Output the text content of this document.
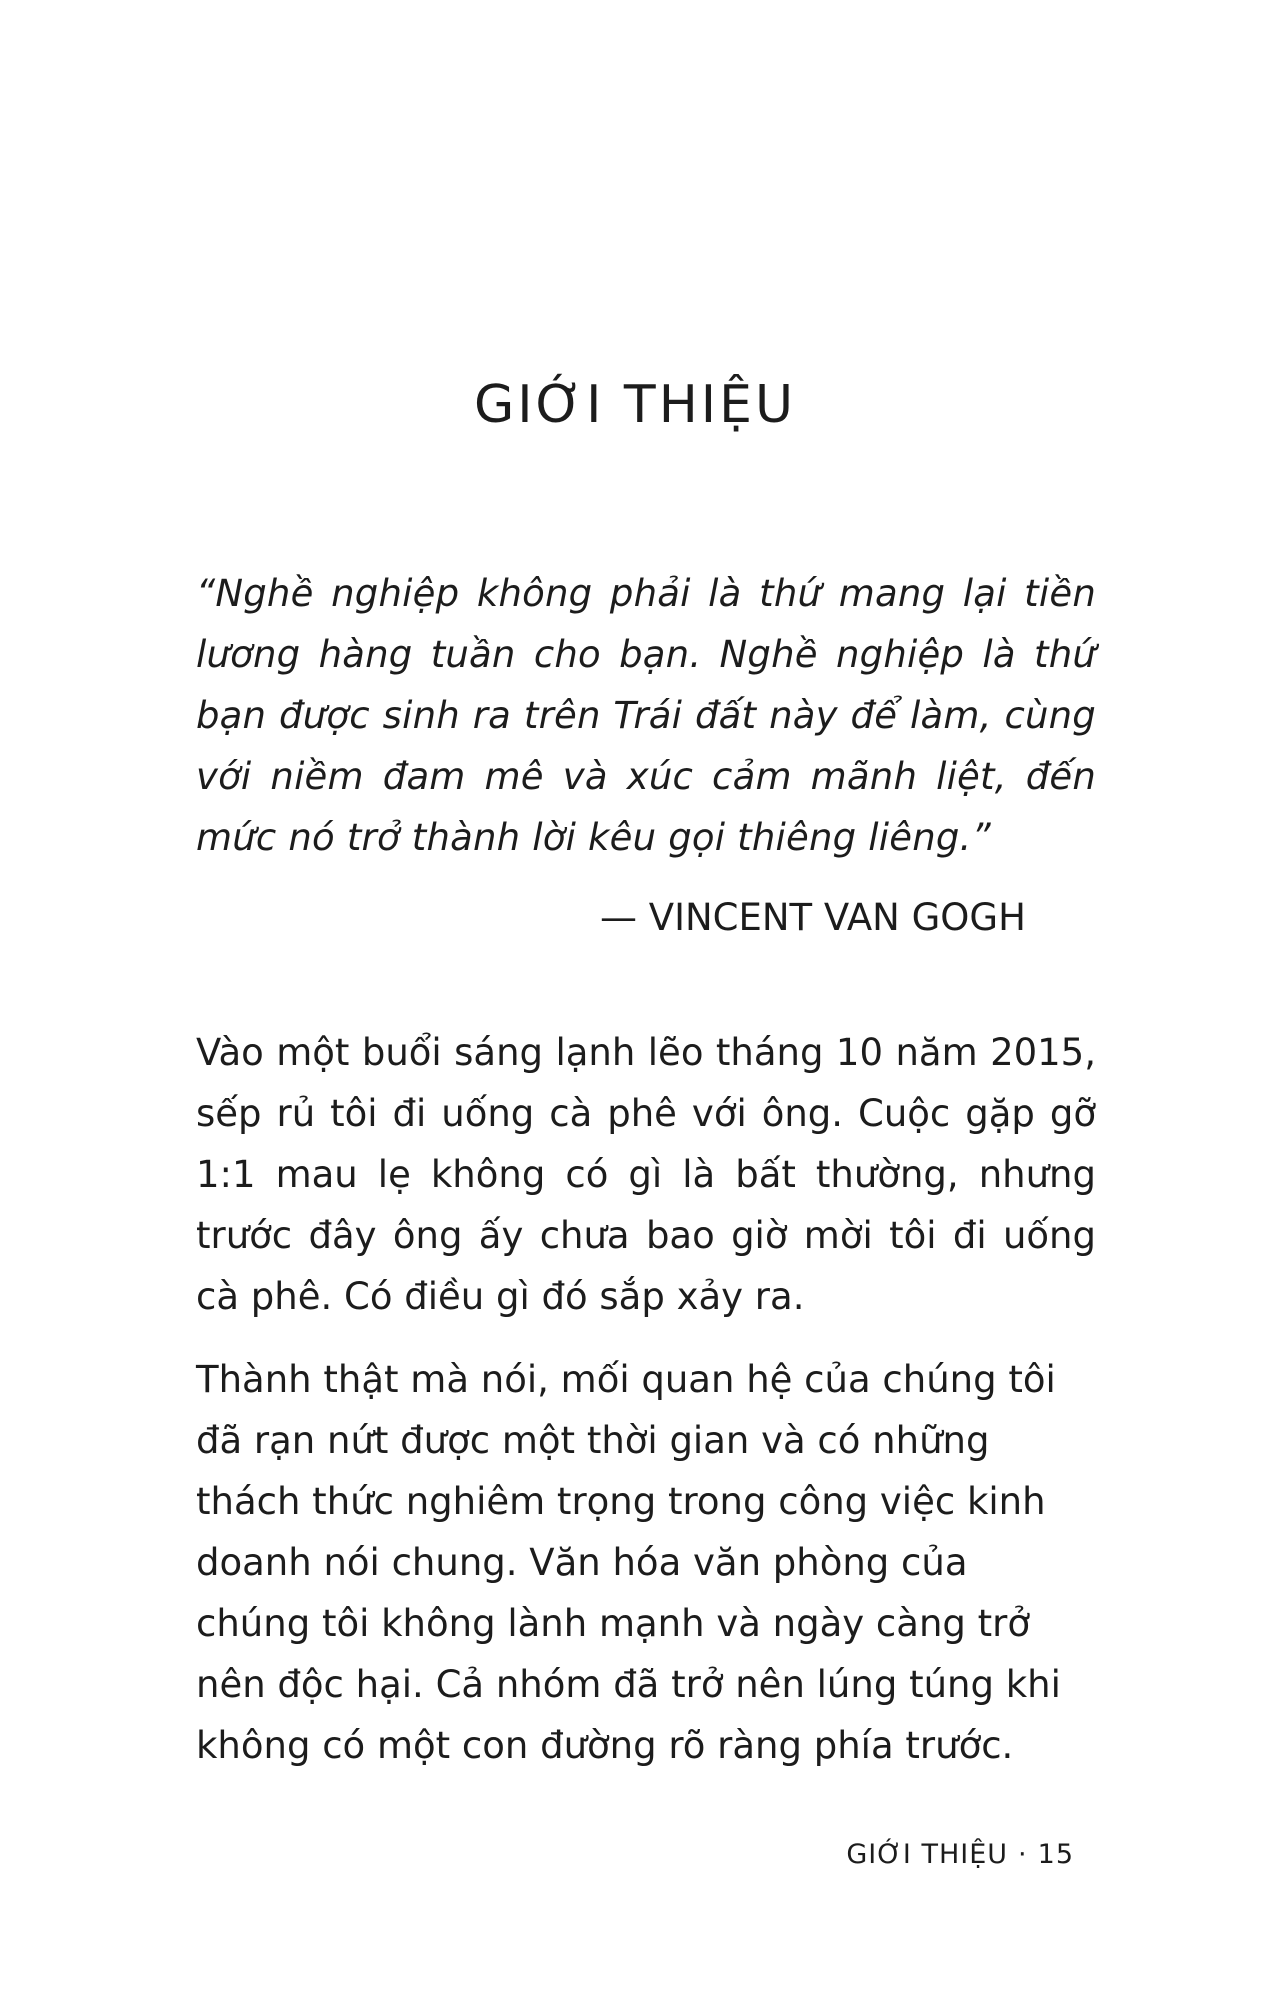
GIỚI THIỆU

“Nghề nghiệp không phải là thứ mang lại tiền lương hàng tuần cho bạn. Nghề nghiệp là thứ bạn được sinh ra trên Trái đất này để làm, cùng với niềm đam mê và xúc cảm mãnh liệt, đến mức nó trở thành lời kêu gọi thiêng liêng.”

— VINCENT VAN GOGH

Vào một buổi sáng lạnh lẽo tháng 10 năm 2015, sếp rủ tôi đi uống cà phê với ông. Cuộc gặp gỡ 1:1 mau lẹ không có gì là bất thường, nhưng trước đây ông ấy chưa bao giờ mời tôi đi uống cà phê. Có điều gì đó sắp xảy ra.

Thành thật mà nói, mối quan hệ của chúng tôi đã rạn nứt được một thời gian và có những thách thức nghiêm trọng trong công việc kinh doanh nói chung. Văn hóa văn phòng của chúng tôi không lành mạnh và ngày càng trở nên độc hại. Cả nhóm đã trở nên lúng túng khi không có một con đường rõ ràng phía trước.

GIỚI THIỆU · 15
